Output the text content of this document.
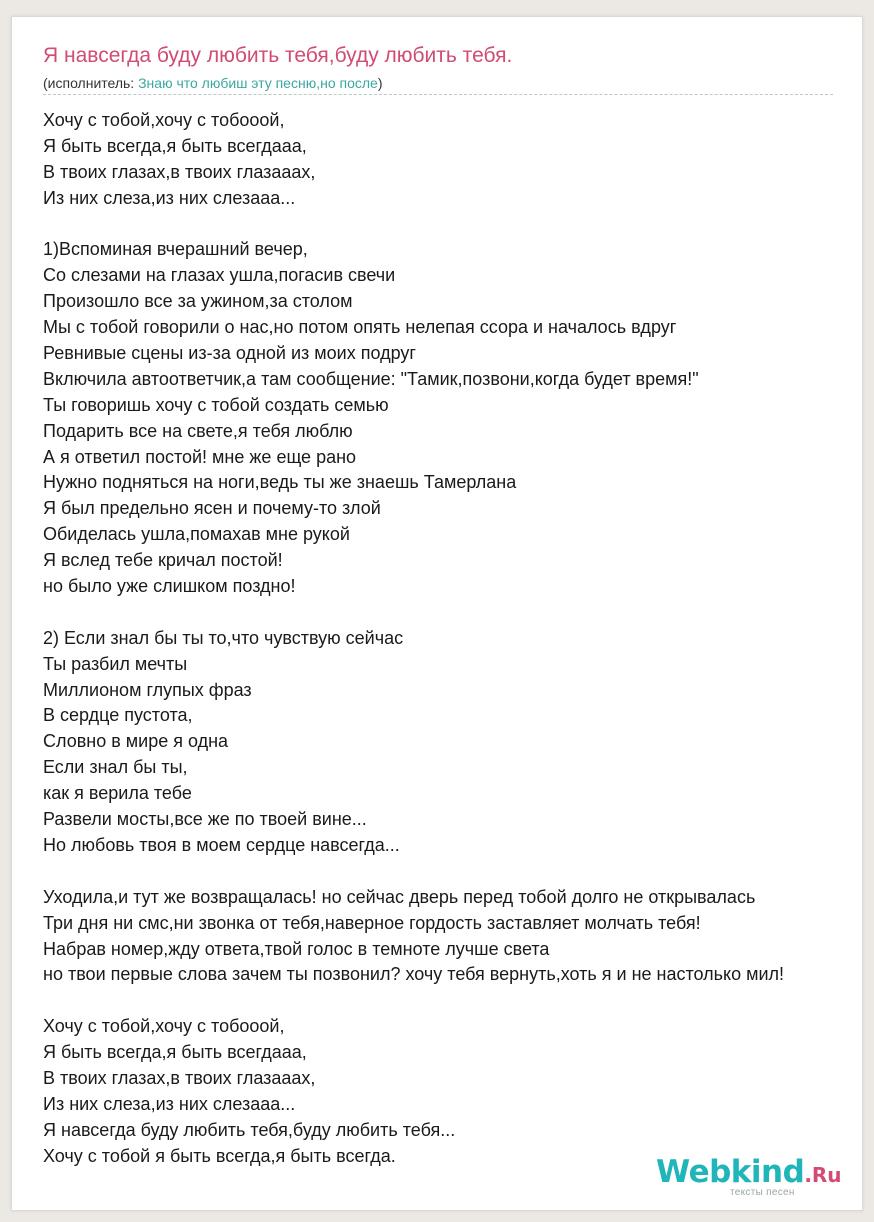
Я навсегда буду любить тебя,буду любить тебя.
(исполнитель: Знаю что любиш эту песню,но после)
Хочу с тобой,хочу с тобооой,
Я быть всегда,я быть всегдааа,
В твоих глазах,в твоих глазааах,
Из них слеза,из них слезааа...
1)Вспоминая вчерашний вечер,
Со слезами на глазах ушла,погасив свечи
Произошло все за ужином,за столом
Мы с тобой говорили о нас,но потом опять нелепая ссора и началось вдруг
Ревнивые сцены из-за одной из моих подруг
Включила автоответчик,а там сообщение: "Тамик,позвони,когда будет время!"
Ты говоришь хочу с тобой создать семью
Подарить все на свете,я тебя люблю
А я ответил постой! мне же еще рано
Нужно подняться на ноги,ведь ты же знаешь Тамерлана
Я был предельно ясен и почему-то злой
Обиделась ушла,помахав мне рукой
Я вслед тебе кричал постой!
но было уже слишком поздно!
2) Если знал бы ты то,что чувствую сейчас
Ты разбил мечты
Миллионом глупых фраз
В сердце пустота,
Словно в мире я одна
Если знал бы ты,
как я верила тебе
Развели мосты,все же по твоей вине...
Но любовь твоя в моем сердце навсегда...
Уходила,и тут же возвращалась! но сейчас дверь перед тобой долго не открывалась
Три дня ни смс,ни звонка от тебя,наверное гордость заставляет молчать тебя!
Набрав номер,жду ответа,твой голос в темноте лучше света
но твои первые слова зачем ты позвонил? хочу тебя вернуть,хоть я и не настолько мил!
Хочу с тобой,хочу с тобооой,
Я быть всегда,я быть всегдааа,
В твоих глазах,в твоих глазааах,
Из них слеза,из них слезааа...
Я навсегда буду любить тебя,буду любить тебя...
Хочу с тобой я быть всегда,я быть всегда.	Webkind.Ru
тексты песен
